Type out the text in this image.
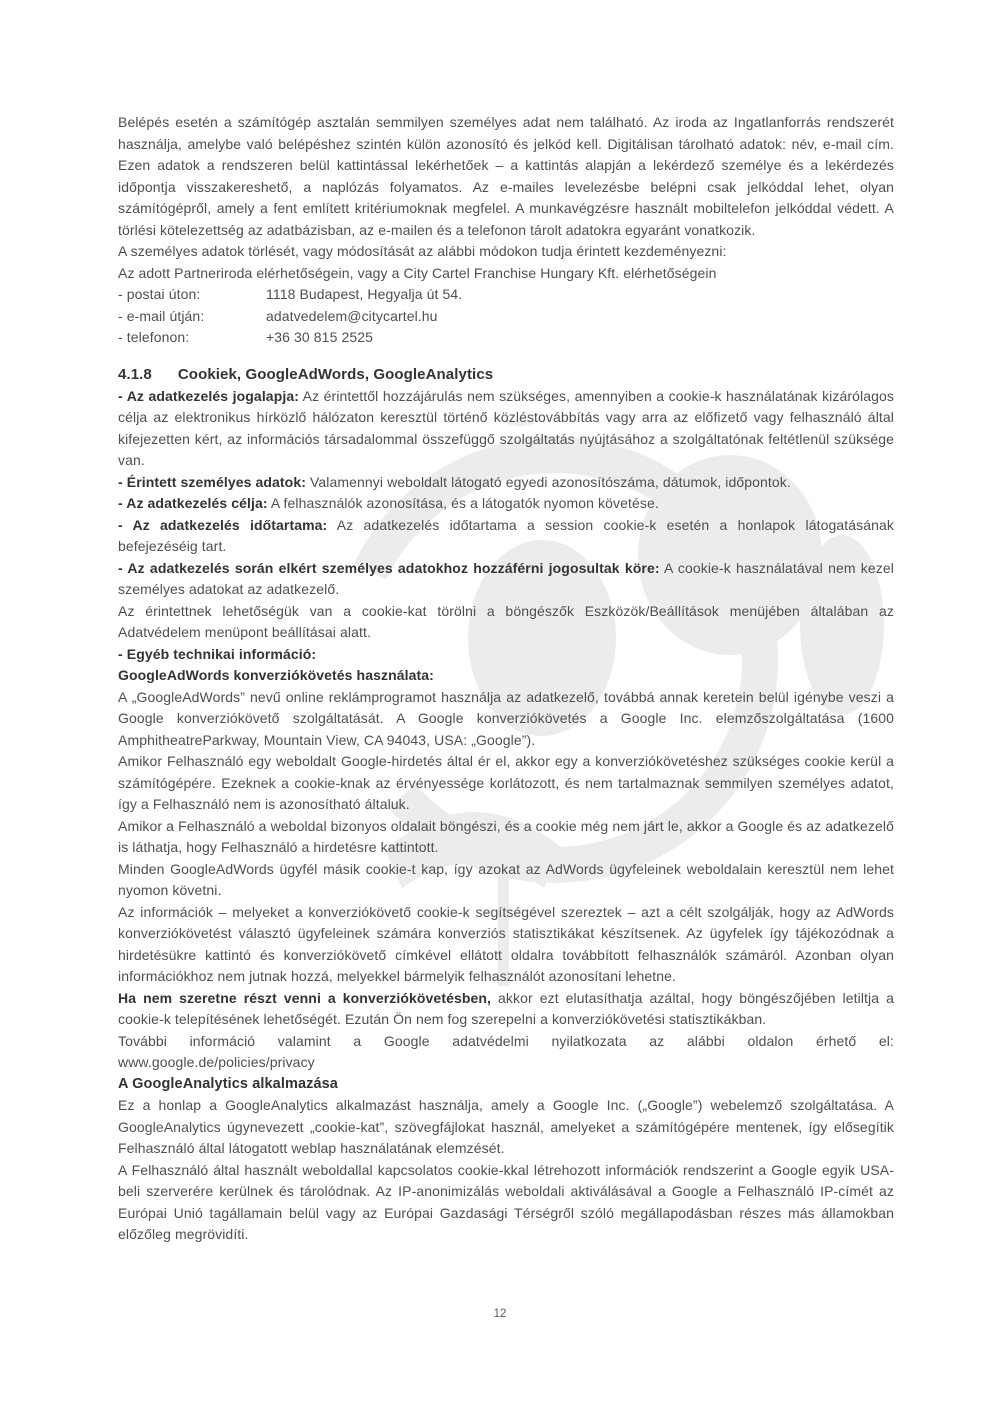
Belépés esetén a számítógép asztalán semmilyen személyes adat nem található. Az iroda az Ingatlanforrás rendszerét használja, amelybe való belépéshez szintén külön azonosító és jelkód kell. Digitálisan tárolható adatok: név, e-mail cím. Ezen adatok a rendszeren belül kattintással lekérhetőek – a kattintás alapján a lekérdező személye és a lekérdezés időpontja visszakereshető, a naplózás folyamatos. Az e-mailes levelezésbe belépni csak jelkóddal lehet, olyan számítógépről, amely a fent említett kritériumoknak megfelel. A munkavégzésre használt mobiltelefon jelkóddal védett. A törlési kötelezettség az adatbázisban, az e-mailen és a telefonon tárolt adatokra egyaránt vonatkozik.

A személyes adatok törlését, vagy módosítását az alábbi módokon tudja érintett kezdeményezni:

Az adott Partneriroda elérhetőségein, vagy a City Cartel Franchise Hungary Kft. elérhetőségein

- postai úton:	1118 Budapest, Hegyalja út 54.
- e-mail útján:	adatvedelem@citycartel.hu
- telefonon:	+36 30 815 2525
4.1.8 Cookiek, GoogleAdWords, GoogleAnalytics

- Az adatkezelés jogalapja: Az érintettől hozzájárulás nem szükséges, amennyiben a cookie-k használatának kizárólagos célja az elektronikus hírközlő hálózaton keresztül történő közléstovábbítás vagy arra az előfizető vagy felhasználó által kifejezetten kért, az információs társadalommal összefüggő szolgáltatás nyújtásához a szolgáltatónak feltétlenül szüksége van.

- Érintett személyes adatok: Valamennyi weboldalt látogató egyedi azonosítószáma, dátumok, időpontok.

- Az adatkezelés célja: A felhasználók azonosítása, és a látogatók nyomon követése.

- Az adatkezelés időtartama: Az adatkezelés időtartama a session cookie-k esetén a honlapok látogatásának befejezéséig tart.

- Az adatkezelés során elkért személyes adatokhoz hozzáférni jogosultak köre: A cookie-k használatával nem kezel személyes adatokat az adatkezelő.

Az érintettnek lehetőségük van a cookie-kat törölni a böngészők Eszközök/Beállítások menüjében általában az Adatvédelem menüpont beállításai alatt.

- Egyéb technikai információ:

GoogleAdWords konverziókövetés használata:

A „GoogleAdWords” nevű online reklámprogramot használja az adatkezelő, továbbá annak keretein belül igénybe veszi a Google konverziókövető szolgáltatását. A Google konverziókövetés a Google Inc. elemzőszolgáltatása (1600 AmphitheatreParkway, Mountain View, CA 94043, USA: „Google”).

Amikor Felhasználó egy weboldalt Google-hirdetés által ér el, akkor egy a konverziókövetéshez szükséges cookie kerül a számítógépére. Ezeknek a cookie-knak az érvényessége korlátozott, és nem tartalmaznak semmilyen személyes adatot, így a Felhasználó nem is azonosítható általuk.

Amikor a Felhasználó a weboldal bizonyos oldalait böngészi, és a cookie még nem járt le, akkor a Google és az adatkezelő is láthatja, hogy Felhasználó a hirdetésre kattintott.

Minden GoogleAdWords ügyfél másik cookie-t kap, így azokat az AdWords ügyfeleinek weboldalain keresztül nem lehet nyomon követni.

Az információk – melyeket a konverziókövető cookie-k segítségével szereztek – azt a célt szolgálják, hogy az AdWords konverziókövetést választó ügyfeleinek számára konverziós statisztikákat készítsenek. Az ügyfelek így tájékozódnak a hirdetésükre kattintó és konverziókövető címkével ellátott oldalra továbbított felhasználók számáról. Azonban olyan információkhoz nem jutnak hozzá, melyekkel bármelyik felhasználót azonosítani lehetne.

Ha nem szeretne részt venni a konverziókövetésben, akkor ezt elutasíthatja azáltal, hogy böngészőjében letiltja a cookie-k telepítésének lehetőségét. Ezután Ön nem fog szerepelni a konverziókövetési statisztikákban.

További információ valamint a Google adatvédelmi nyilatkozata az alábbi oldalon érhető el:

www.google.de/policies/privacy

A GoogleAnalytics alkalmazása

Ez a honlap a GoogleAnalytics alkalmazást használja, amely a Google Inc. („Google”) webelemző szolgáltatása. A GoogleAnalytics úgynevezett „cookie-kat”, szövegfájlokat használ, amelyeket a számítógépére mentenek, így elősegítik Felhasználó által látogatott weblap használatának elemzését.

A Felhasználó által használt weboldallal kapcsolatos cookie-kkal létrehozott információk rendszerint a Google egyik USA-beli szerverére kerülnek és tárolódnak. Az IP-anonimizálás weboldali aktiválásával a Google a Felhasználó IP-címét az Európai Unió tagállamain belül vagy az Európai Gazdasági Térségről szóló megállapodásban részes más államokban előzőleg megrövidíti.

12
